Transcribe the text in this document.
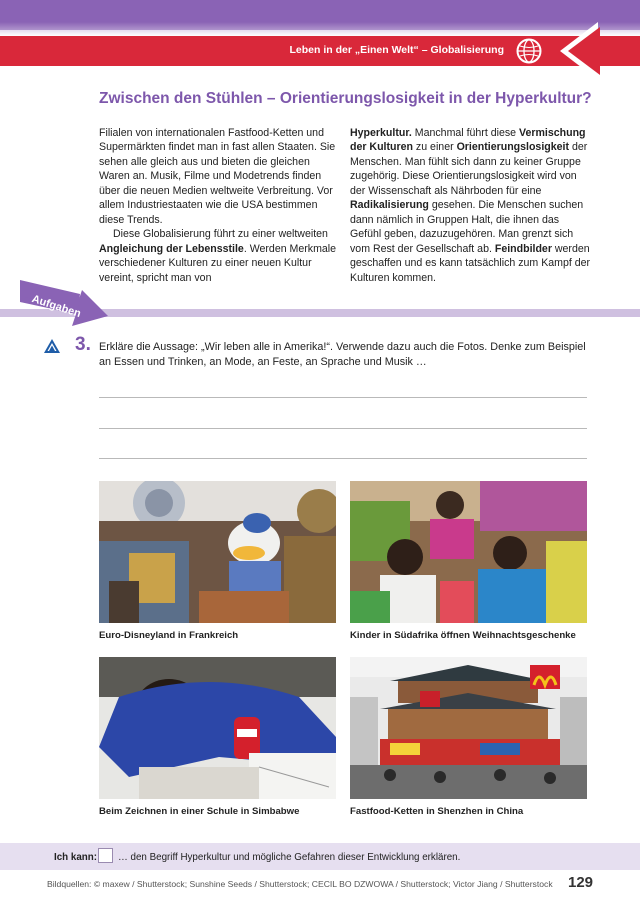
Leben in der „Einen Welt“ – Globalisierung
Zwischen den Stühlen – Orientierungslosigkeit in der Hyperkultur?
Filialen von internationalen Fastfood-Ketten und Supermärkten findet man in fast allen Staaten. Sie sehen alle gleich aus und bieten die gleichen Waren an. Musik, Filme und Modetrends finden über die neuen Medien weltweite Verbreitung. Vor allem Industriestaaten wie die USA bestimmen diese Trends.
Diese Globalisierung führt zu einer weltweiten Angleichung der Lebensstile. Werden Merkmale verschiedener Kulturen zu einer neuen Kultur vereint, spricht man von
Hyperkultur. Manchmal führt diese Vermischung der Kulturen zu einer Orientierungslosigkeit der Menschen. Man fühlt sich dann zu keiner Gruppe zugehörig. Diese Orientierungslosigkeit wird von der Wissenschaft als Nährboden für eine Radikalisierung gesehen. Die Menschen suchen dann nämlich in Gruppen Halt, die ihnen das Gefühl geben, dazuzugehören. Man grenzt sich vom Rest der Gesellschaft ab. Feindbilder werden geschaffen und es kann tatsächlich zum Kampf der Kulturen kommen.
Aufgaben
3. Erkläre die Aussage: „Wir leben alle in Amerika!“. Verwende dazu auch die Fotos. Denke zum Beispiel an Essen und Trinken, an Mode, an Feste, an Sprache und Musik …
Euro-Disneyland in Frankreich	Kinder in Südafrika öffnen Weihnachtsgeschenke
Beim Zeichnen in einer Schule in Simbabwe	Fastfood-Ketten in Shenzhen in China
Ich kann: … den Begriff Hyperkultur und mögliche Gefahren dieser Entwicklung erklären.
Bildquellen: © maxew / Shutterstock; Sunshine Seeds / Shutterstock; CECIL BO DZWOWA / Shutterstock; Victor Jiang / Shutterstock 129
